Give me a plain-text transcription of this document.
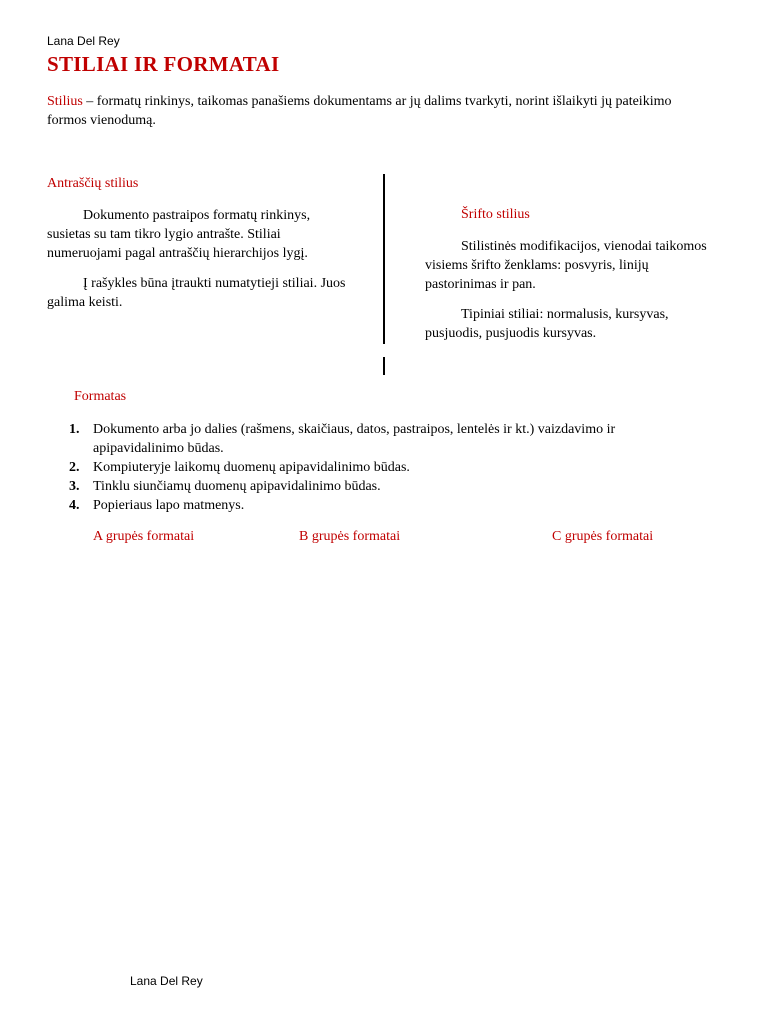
Lana Del Rey
STILIAI IR FORMATAI

Stilius – formatų rinkinys, taikomas panašiems dokumentams ar jų dalims tvarkyti, norint išlaikyti jų pateikimo formos vienodumą.

Antraščių stilius

Dokumento pastraipos formatų rinkinys, susietas su tam tikro lygio antrašte. Stiliai numeruojami pagal antraščių hierarchijos lygį.

Į rašykles būna įtraukti numatytieji stiliai. Juos galima keisti.

Šrifto stilius

Stilistinės modifikacijos, vienodai taikomos visiems šrifto ženklams: posvyris, linijų pastorinimas ir pan.

Tipiniai stiliai: normalusis, kursyvas, pusjuodis, pusjuodis kursyvas.

Formatas
1. Dokumento arba jo dalies (rašmens, skaičiaus, datos, pastraipos, lentelės ir kt.) vaizdavimo ir apipavidalinimo būdas.
2. Kompiuteryje laikomų duomenų apipavidalinimo būdas.
3. Tinklu siunčiamų duomenų apipavidalinimo būdas.
4. Popieriaus lapo matmenys.
A grupės formatai	B grupės formatai	C grupės formatai
Lana Del Rey
